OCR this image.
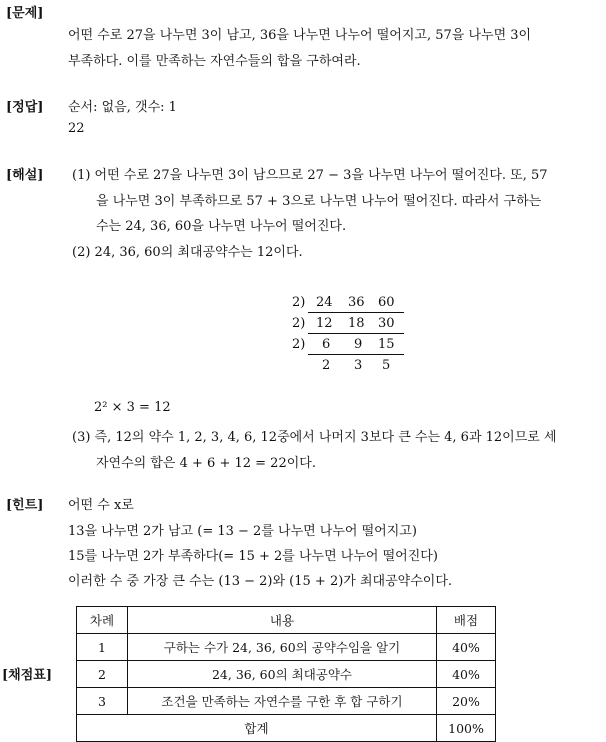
[문제]
어떤 수로 27을 나누면 3이 남고, 36을 나누면 나누어 떨어지고, 57을 나누면 3이
부족하다. 이를 만족하는 자연수들의 합을 구하여라.
[정답] 순서: 없음, 갯수: 1
22
[해설] (1) 어떤 수로 27을 나누면 3이 남으므로 27 − 3을 나누면 나누어 떨어진다. 또, 57
을 나누면 3이 부족하므로 57 + 3으로 나누면 나누어 떨어진다. 따라서 구하는
수는 24, 36, 60을 나누면 나누어 떨어진다.
(2) 24, 36, 60의 최대공약수는 12이다.
2) 24 36 60
2) 12 18 30
2) 6 9 15
2 3 5
2² × 3 = 12
(3) 즉, 12의 약수 1, 2, 3, 4, 6, 12중에서 나머지 3보다 큰 수는 4, 6과 12이므로 세
자연수의 합은 4 + 6 + 12 = 22이다.
[힌트] 어떤 수 x로
13을 나누면 2가 남고 (= 13 − 2를 나누면 나누어 떨어지고)
15를 나누면 2가 부족하다(= 15 + 2를 나누면 나누어 떨어진다)
이러한 수 중 가장 큰 수는 (13 − 2)와 (15 + 2)가 최대공약수이다.
[채점표]
차례	내용	배점
1	구하는 수가 24, 36, 60의 공약수임을 알기	40%
2	24, 36, 60의 최대공약수	40%
3	조건을 만족하는 자연수를 구한 후 합 구하기	20%
합계		100%
